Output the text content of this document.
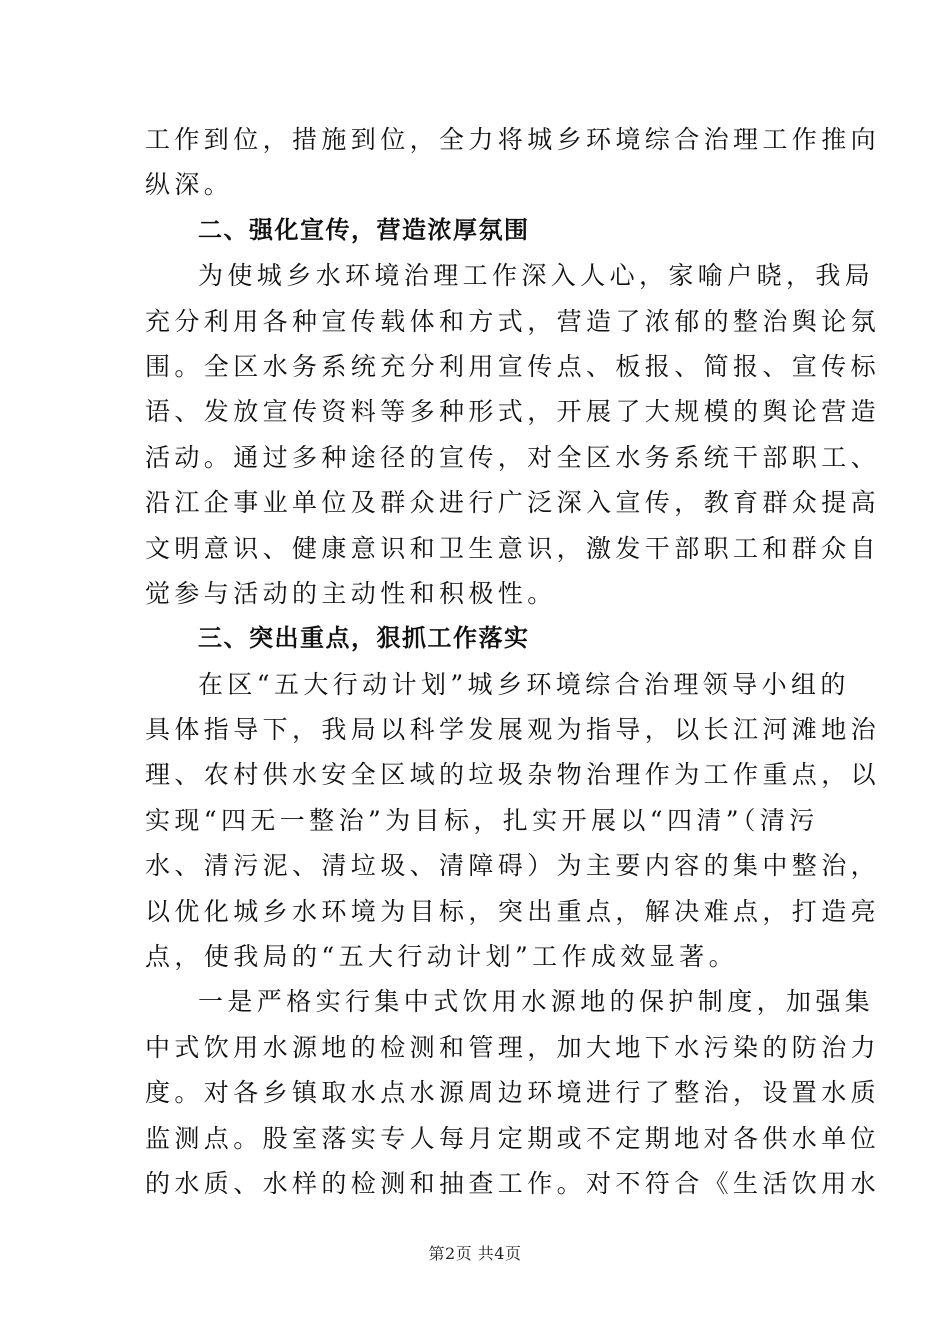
工作到位，措施到位，全力将城乡环境综合治理工作推向
纵深。
二、强化宣传，营造浓厚氛围
为使城乡水环境治理工作深入人心，家喻户晓，我局
充分利用各种宣传载体和方式，营造了浓郁的整治舆论氛
围。全区水务系统充分利用宣传点、板报、简报、宣传标
语、发放宣传资料等多种形式，开展了大规模的舆论营造
活动。通过多种途径的宣传，对全区水务系统干部职工、
沿江企事业单位及群众进行广泛深入宣传，教育群众提高
文明意识、健康意识和卫生意识，激发干部职工和群众自
觉参与活动的主动性和积极性。
三、突出重点，狠抓工作落实
在区“五大行动计划”城乡环境综合治理领导小组的
具体指导下，我局以科学发展观为指导，以长江河滩地治
理、农村供水安全区域的垃圾杂物治理作为工作重点，以
实现“四无一整治”为目标，扎实开展以“四清”（清污
水、清污泥、清垃圾、清障碍）为主要内容的集中整治，
以优化城乡水环境为目标，突出重点，解决难点，打造亮
点，使我局的“五大行动计划”工作成效显著。
一是严格实行集中式饮用水源地的保护制度，加强集
中式饮用水源地的检测和管理，加大地下水污染的防治力
度。对各乡镇取水点水源周边环境进行了整治，设置水质
监测点。股室落实专人每月定期或不定期地对各供水单位
的水质、水样的检测和抽查工作。对不符合《生活饮用水
第2页 共4页
